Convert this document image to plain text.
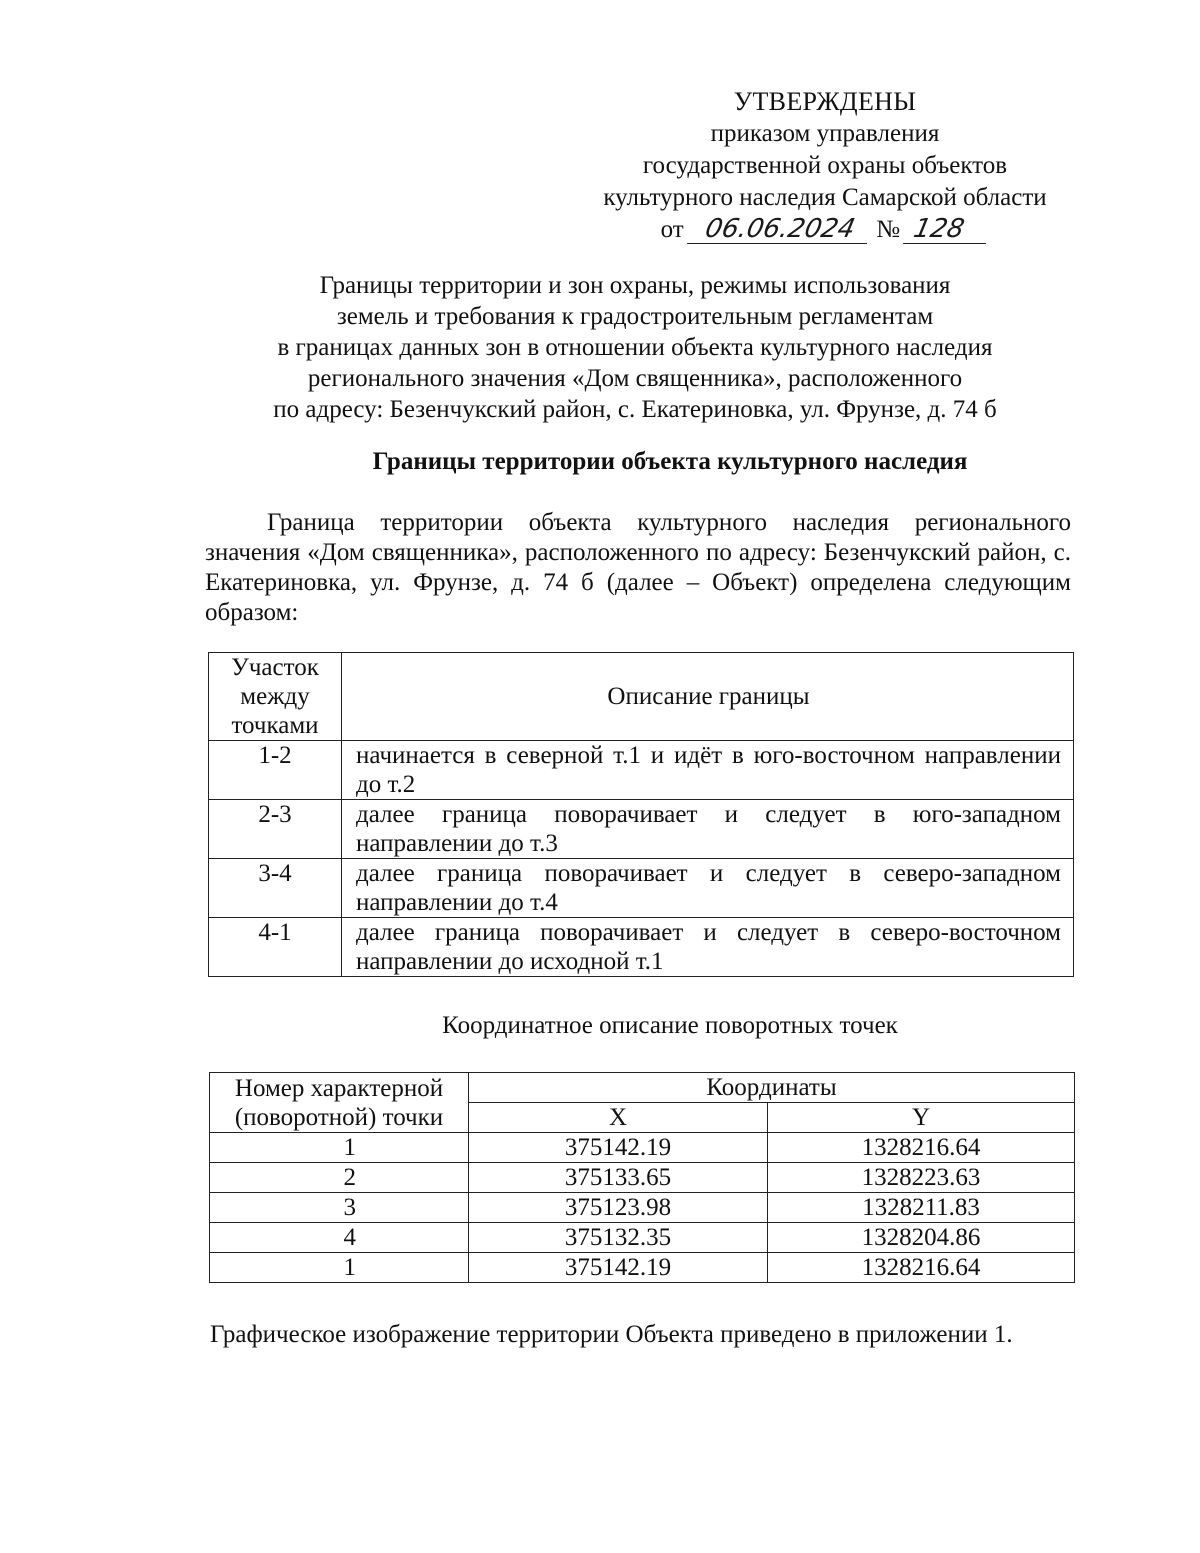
УТВЕРЖДЕНЫ
приказом управления
государственной охраны объектов
культурного наследия Самарской области
от 06.06.2024 № 128
Границы территории и зон охраны, режимы использования
земель и требования к градостроительным регламентам
в границах данных зон в отношении объекта культурного наследия
регионального значения «Дом священника», расположенного
по адресу: Безенчукский район, с. Екатериновка, ул. Фрунзе, д. 74 б
Границы территории объекта культурного наследия
Граница территории объекта культурного наследия регионального значения «Дом священника», расположенного по адресу: Безенчукский район, с. Екатериновка, ул. Фрунзе, д. 74 б (далее – Объект) определена следующим образом:
Участок между точками	Описание границы
1-2	начинается в северной т.1 и идёт в юго-восточном направлении до т.2
2-3	далее граница поворачивает и следует в юго-западном направлении до т.3
3-4	далее граница поворачивает и следует в северо-западном направлении до т.4
4-1	далее граница поворачивает и следует в северо-восточном направлении до исходной т.1
Координатное описание поворотных точек
Номер характерной (поворотной) точки	Координаты	
	X	Y
1	375142.19	1328216.64
2	375133.65	1328223.63
3	375123.98	1328211.83
4	375132.35	1328204.86
1	375142.19	1328216.64
Графическое изображение территории Объекта приведено в приложении 1.
